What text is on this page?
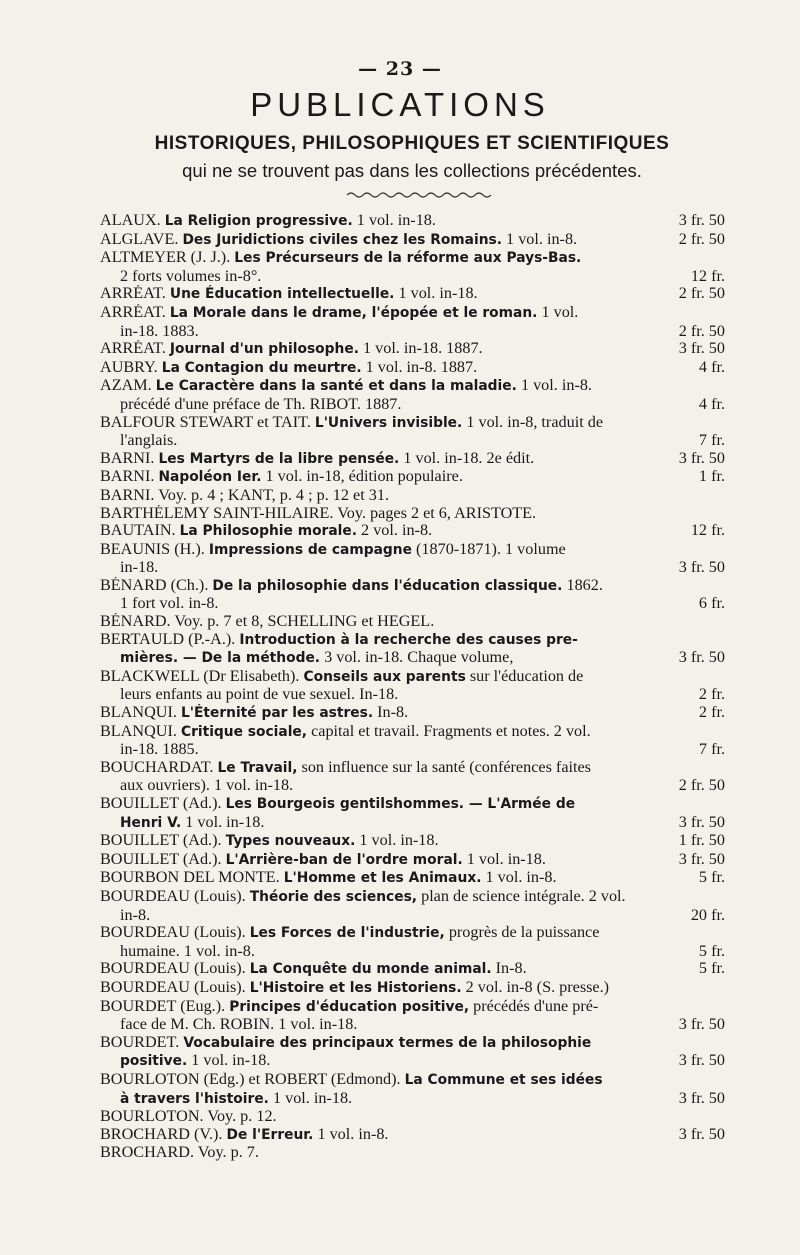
— 23 —
PUBLICATIONS
HISTORIQUES, PHILOSOPHIQUES ET SCIENTIFIQUES
qui ne se trouvent pas dans les collections précédentes.
ALAUX. La Religion progressive. 1 vol. in-18.	3 fr. 50
ALGLAVE. Des Juridictions civiles chez les Romains. 1 vol. in-8.	2 fr. 50
ALTMEYER (J. J.). Les Précurseurs de la réforme aux Pays-Bas.
2 forts volumes in-8°.	12 fr.
ARRÉAT. Une Éducation intellectuelle. 1 vol. in-18.	2 fr. 50
ARRÉAT. La Morale dans le drame, l'épopée et le roman. 1 vol.
in-18. 1883.	2 fr. 50
ARRÉAT. Journal d'un philosophe. 1 vol. in-18. 1887.	3 fr. 50
AUBRY. La Contagion du meurtre. 1 vol. in-8. 1887.	4 fr.
AZAM. Le Caractère dans la santé et dans la maladie. 1 vol. in-8.
précédé d'une préface de Th. RIBOT. 1887.	4 fr.
BALFOUR STEWART et TAIT. L'Univers invisible. 1 vol. in-8, traduit de
l'anglais.	7 fr.
BARNI. Les Martyrs de la libre pensée. 1 vol. in-18. 2e édit.	3 fr. 50
BARNI. Napoléon Ier. 1 vol. in-18, édition populaire.	1 fr.
BARNI. Voy. p. 4 ; KANT, p. 4 ; p. 12 et 31.
BARTHÉLEMY SAINT-HILAIRE. Voy. pages 2 et 6, ARISTOTE.
BAUTAIN. La Philosophie morale. 2 vol. in-8.	12 fr.
BEAUNIS (H.). Impressions de campagne (1870-1871). 1 volume
in-18.	3 fr. 50
BÉNARD (Ch.). De la philosophie dans l'éducation classique. 1862.
1 fort vol. in-8.	6 fr.
BÉNARD. Voy. p. 7 et 8, SCHELLING et HEGEL.
BERTAULD (P.-A.). Introduction à la recherche des causes pre-
mières. — De la méthode. 3 vol. in-18. Chaque volume,	3 fr. 50
BLACKWELL (Dr Elisabeth). Conseils aux parents sur l'éducation de
leurs enfants au point de vue sexuel. In-18.	2 fr.
BLANQUI. L'Éternité par les astres. In-8.	2 fr.
BLANQUI. Critique sociale, capital et travail. Fragments et notes. 2 vol.
in-18. 1885.	7 fr.
BOUCHARDAT. Le Travail, son influence sur la santé (conférences faites
aux ouvriers). 1 vol. in-18.	2 fr. 50
BOUILLET (Ad.). Les Bourgeois gentilshommes. — L'Armée de
Henri V. 1 vol. in-18.	3 fr. 50
BOUILLET (Ad.). Types nouveaux. 1 vol. in-18.	1 fr. 50
BOUILLET (Ad.). L'Arrière-ban de l'ordre moral. 1 vol. in-18.	3 fr. 50
BOURBON DEL MONTE. L'Homme et les Animaux. 1 vol. in-8.	5 fr.
BOURDEAU (Louis). Théorie des sciences, plan de science intégrale. 2 vol.
in-8.	20 fr.
BOURDEAU (Louis). Les Forces de l'industrie, progrès de la puissance
humaine. 1 vol. in-8.	5 fr.
BOURDEAU (Louis). La Conquête du monde animal. In-8.	5 fr.
BOURDEAU (Louis). L'Histoire et les Historiens. 2 vol. in-8 (S. presse.)
BOURDET (Eug.). Principes d'éducation positive, précédés d'une pré-
face de M. Ch. ROBIN. 1 vol. in-18.	3 fr. 50
BOURDET. Vocabulaire des principaux termes de la philosophie
positive. 1 vol. in-18.	3 fr. 50
BOURLOTON (Edg.) et ROBERT (Edmond). La Commune et ses idées
à travers l'histoire. 1 vol. in-18.	3 fr. 50
BOURLOTON. Voy. p. 12.
BROCHARD (V.). De l'Erreur. 1 vol. in-8.	3 fr. 50
BROCHARD. Voy. p. 7.
